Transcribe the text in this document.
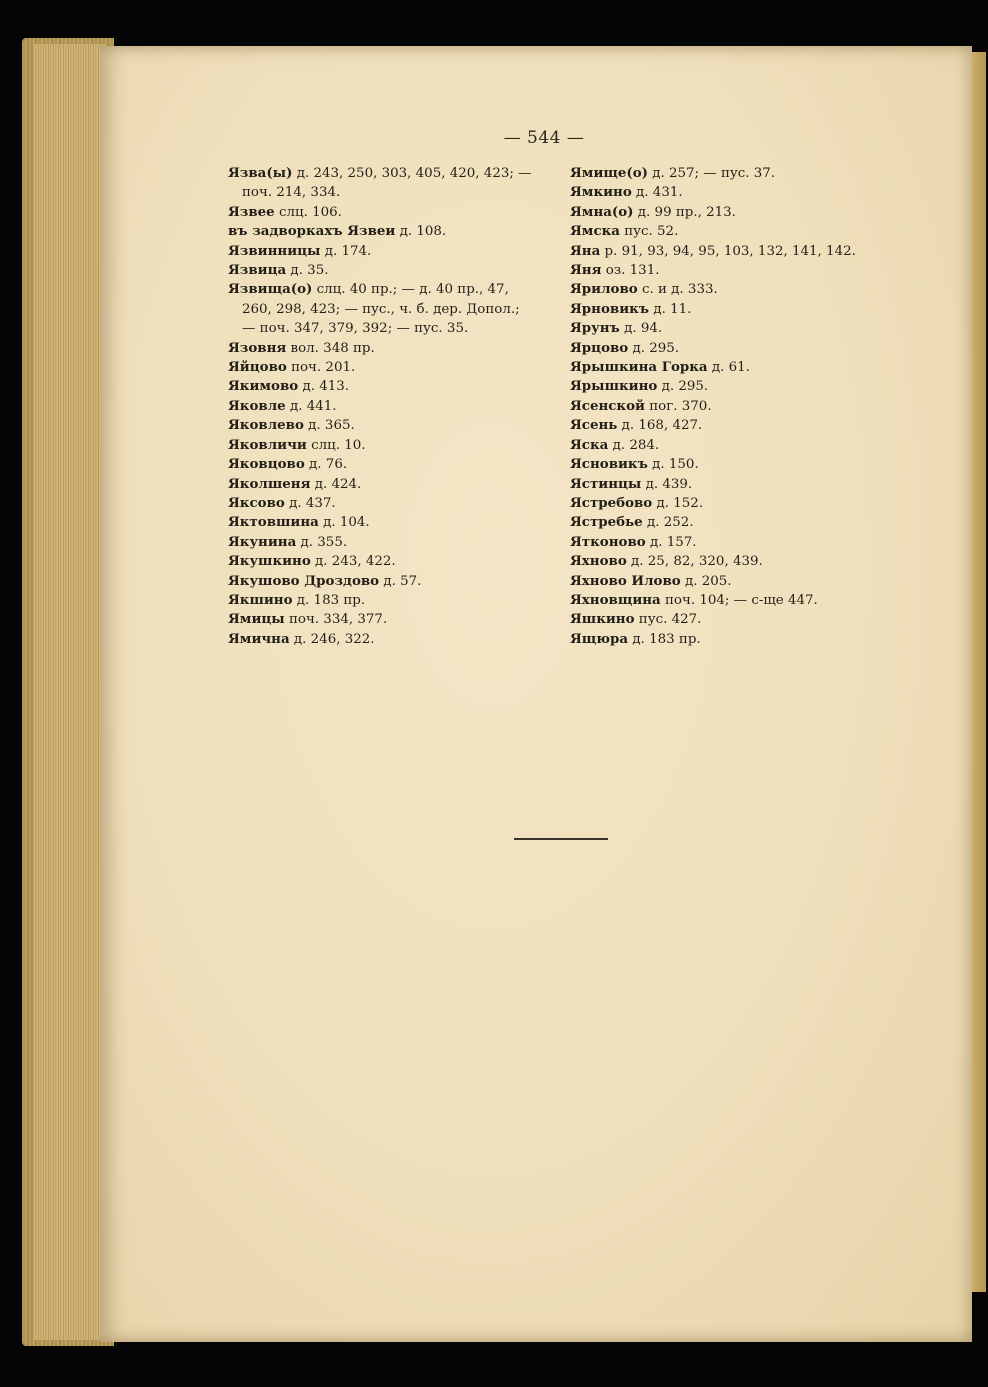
— 544 —
Язва(ы) д. 243, 250, 303, 405, 420, 423; —
поч. 214, 334.
Язвее слц. 106.
въ задворкахъ Язвеи д. 108.
Язвинницы д. 174.
Язвица д. 35.
Язвища(о) слц. 40 пр.; — д. 40 пр., 47,
260, 298, 423; — пус., ч. б. дер. Допол.;
— поч. 347, 379, 392; — пус. 35.
Язовня вол. 348 пр.
Яйцово поч. 201.
Якимово д. 413.
Яковле д. 441.
Яковлево д. 365.
Яковличи слц. 10.
Яковцово д. 76.
Яколшеня д. 424.
Яксово д. 437.
Яктовшина д. 104.
Якунина д. 355.
Якушкино д. 243, 422.
Якушово Дроздово д. 57.
Якшино д. 183 пр.
Ямицы поч. 334, 377.
Ямична д. 246, 322.
Ямище(о) д. 257; — пус. 37.
Ямкино д. 431.
Ямна(о) д. 99 пр., 213.
Ямска пус. 52.
Яна р. 91, 93, 94, 95, 103, 132, 141, 142.
Яня оз. 131.
Ярилово с. и д. 333.
Ярновикъ д. 11.
Ярунъ д. 94.
Ярцово д. 295.
Ярышкина Горка д. 61.
Ярышкино д. 295.
Ясенской пог. 370.
Ясень д. 168, 427.
Яска д. 284.
Ясновикъ д. 150.
Ястинцы д. 439.
Ястребово д. 152.
Ястребье д. 252.
Ятконово д. 157.
Яхново д. 25, 82, 320, 439.
Яхново Илово д. 205.
Яхновщина поч. 104; — с-ще 447.
Яшкино пус. 427.
Ящюра д. 183 пр.
